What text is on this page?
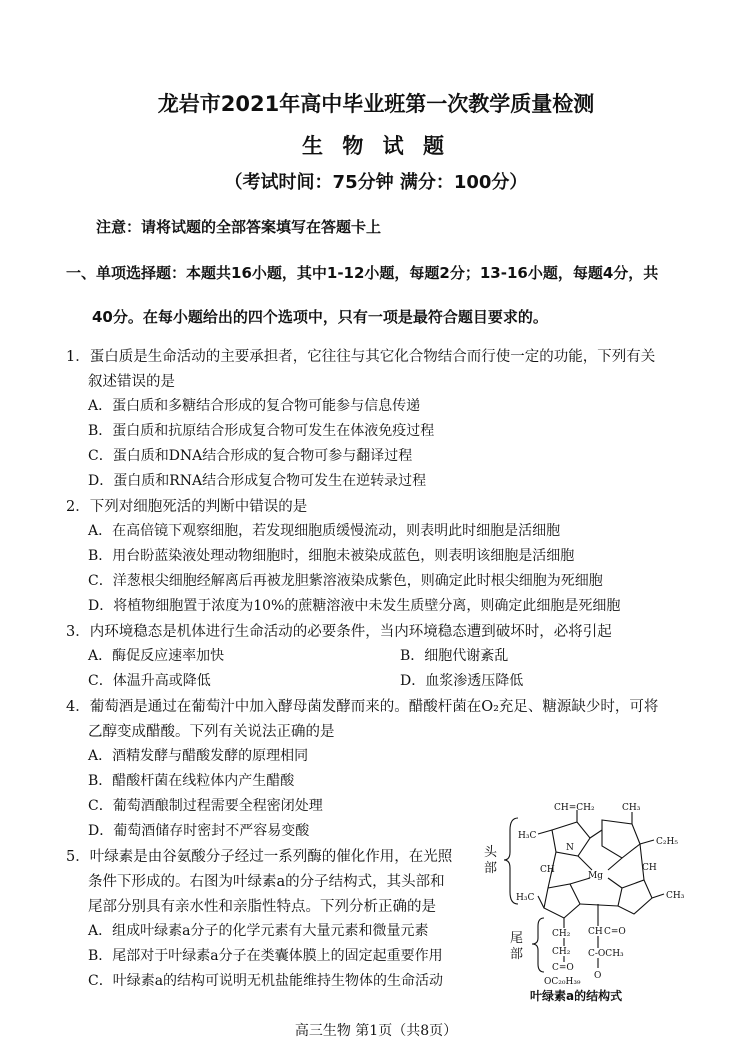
龙岩市2021年高中毕业班第一次教学质量检测
生 物 试 题
（考试时间：75分钟 满分：100分）
注意：请将试题的全部答案填写在答题卡上
一、单项选择题：本题共16小题，其中1-12小题，每题2分；13-16小题，每题4分，共
40分。在每小题给出的四个选项中，只有一项是最符合题目要求的。
1．蛋白质是生命活动的主要承担者，它往往与其它化合物结合而行使一定的功能，下列有关
叙述错误的是
A．蛋白质和多糖结合形成的复合物可能参与信息传递
B．蛋白质和抗原结合形成复合物可发生在体液免疫过程
C．蛋白质和DNA结合形成的复合物可参与翻译过程
D．蛋白质和RNA结合形成复合物可发生在逆转录过程
2．下列对细胞死活的判断中错误的是
A．在高倍镜下观察细胞，若发现细胞质缓慢流动，则表明此时细胞是活细胞
B．用台盼蓝染液处理动物细胞时，细胞未被染成蓝色，则表明该细胞是活细胞
C．洋葱根尖细胞经解离后再被龙胆紫溶液染成紫色，则确定此时根尖细胞为死细胞
D．将植物细胞置于浓度为10%的蔗糖溶液中未发生质壁分离，则确定此细胞是死细胞
3．内环境稳态是机体进行生命活动的必要条件，当内环境稳态遭到破坏时，必将引起
A．酶促反应速率加快	B．细胞代谢紊乱
C．体温升高或降低	D．血浆渗透压降低
4．葡萄酒是通过在葡萄汁中加入酵母菌发酵而来的。醋酸杆菌在O₂充足、糖源缺少时，可将
乙醇变成醋酸。下列有关说法正确的是
A．酒精发酵与醋酸发酵的原理相同
B．醋酸杆菌在线粒体内产生醋酸
C．葡萄酒酿制过程需要全程密闭处理
D．葡萄酒储存时密封不严容易变酸
5．叶绿素是由谷氨酸分子经过一系列酶的催化作用，在光照
条件下形成的。右图为叶绿素a的分子结构式，其头部和
尾部分别具有亲水性和亲脂性特点。下列分析正确的是
A．组成叶绿素a分子的化学元素有大量元素和微量元素
B．尾部对于叶绿素a分子在类囊体膜上的固定起重要作用
C．叶绿素a的结构可说明无机盐能维持生物体的生命活动
CH=CH₂	CH₃
C₂H₅
H₃C
CH
Mg
CH
H₃C	CH₃
CH₂
CH₂
C=O
OC₂₀H₃₉
CH C=O
C-OCH₃
O
N
头
部
尾
部
叶绿素a的结构式
高三生物 第1页（共8页）
